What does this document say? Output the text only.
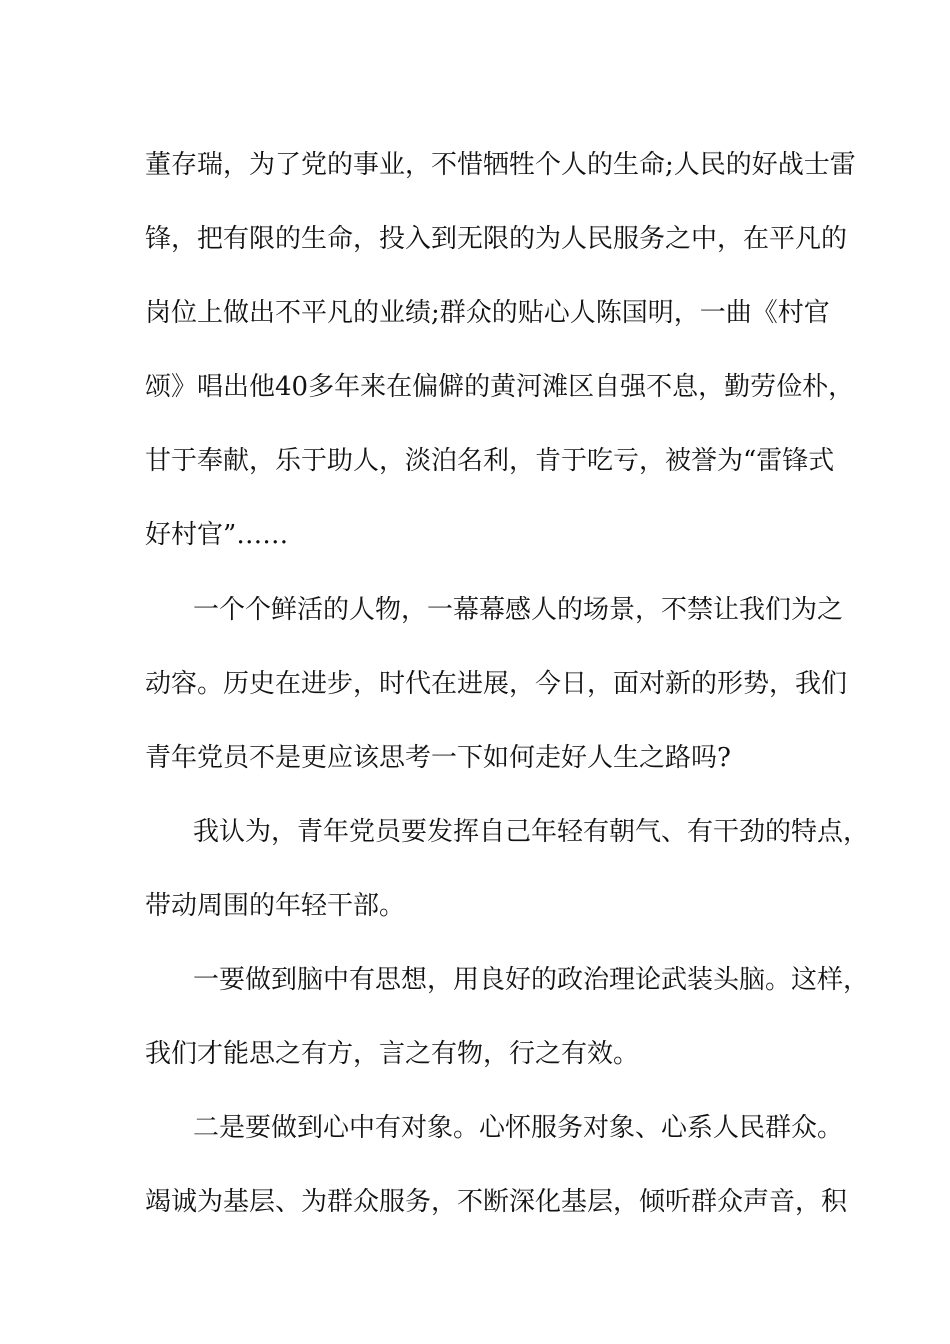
董存瑞，为了党的事业，不惜牺牲个人的生命;人民的好战士雷
锋，把有限的生命，投入到无限的为人民服务之中，在平凡的
岗位上做出不平凡的业绩;群众的贴心人陈国明，一曲《村官
颂》唱出他40多年来在偏僻的黄河滩区自强不息，勤劳俭朴，
甘于奉献，乐于助人，淡泊名利，肯于吃亏，被誉为“雷锋式
好村官”……
一个个鲜活的人物，一幕幕感人的场景，不禁让我们为之
动容。历史在进步，时代在进展，今日，面对新的形势，我们
青年党员不是更应该思考一下如何走好人生之路吗?
我认为，青年党员要发挥自己年轻有朝气、有干劲的特点，
带动周围的年轻干部。
一要做到脑中有思想，用良好的政治理论武装头脑。这样，
我们才能思之有方，言之有物，行之有效。
二是要做到心中有对象。心怀服务对象、心系人民群众。
竭诚为基层、为群众服务，不断深化基层，倾听群众声音，积
